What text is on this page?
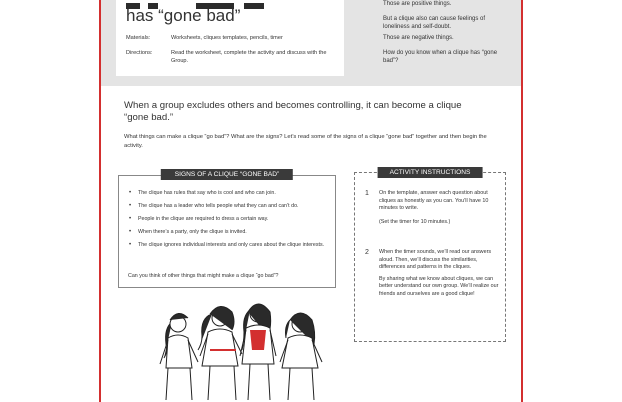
has “gone bad”
Materials:	Worksheets, cliques templates, pencils, timer
Directions:	Read the worksheet, complete the activity and discuss with the Group.

Those are positive things.

But a clique also can cause feelings of loneliness and self-doubt.

Those are negative things.

How do you know when a clique has “gone bad”?

When a group excludes others and becomes controlling, it can become a clique “gone bad.”
What things can make a clique “go bad”? What are the signs? Let’s read some of the signs of a clique “gone bad” together and then begin the activity.
SIGNS OF A CLIQUE “GONE BAD”
• The clique has rules that say who is cool and who can join.
• The clique has a leader who tells people what they can and can’t do.
• People in the clique are required to dress a certain way.
• When there’s a party, only the clique is invited.
• The clique ignores individual interests and only cares about the clique interests.
Can you think of other things that might make a clique “go bad”?
ACTIVITY INSTRUCTIONS
1 On the template, answer each question about cliques as honestly as you can. You’ll have 10 minutes to write.

(Set the timer for 10 minutes.)

2 When the timer sounds, we’ll read our answers aloud. Then, we’ll discuss the similarities, differences and patterns in the cliques.

By sharing what we know about cliques, we can better understand our own group. We’ll realize our friends and ourselves are a good clique!
